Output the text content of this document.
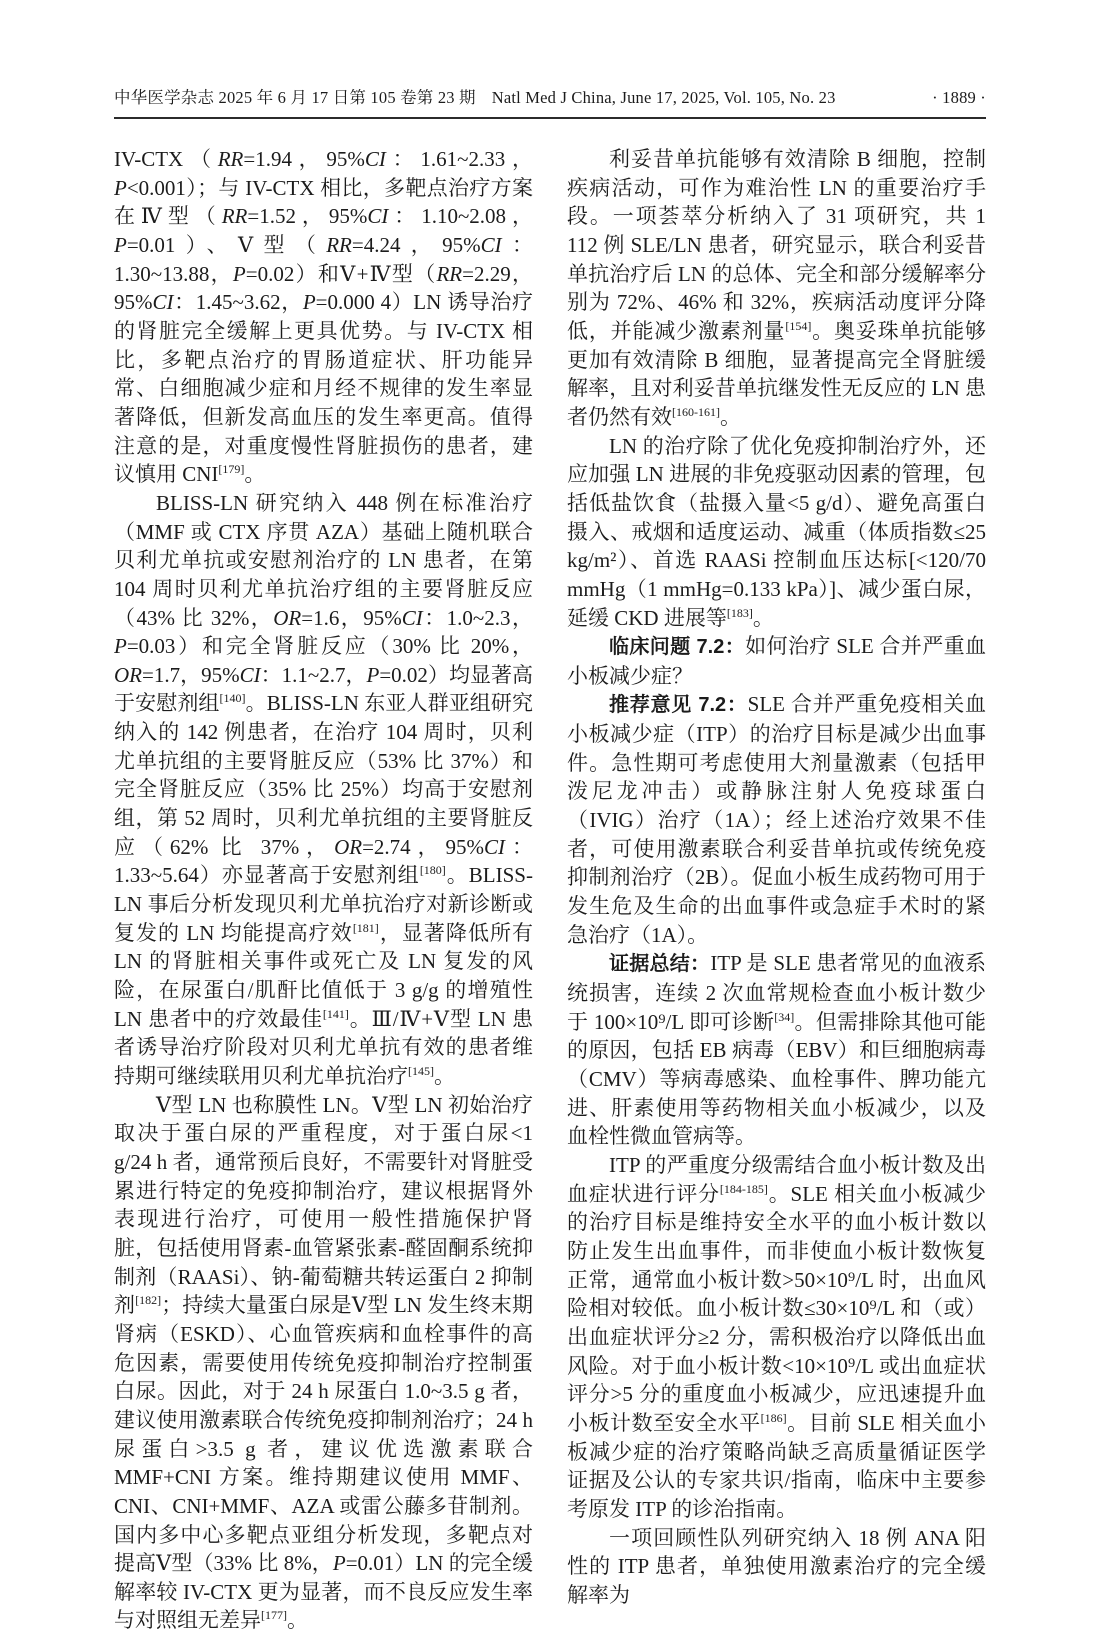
中华医学杂志 2025 年 6 月 17 日第 105 卷第 23 期 Natl Med J China, June 17, 2025, Vol. 105, No. 23	· 1889 ·

IV-CTX（RR=1.94，95%CI：1.61~2.33，P<0.001）；与 IV-CTX 相比，多靶点治疗方案在Ⅳ型（RR=1.52，95%CI：1.10~2.08，P=0.01）、Ⅴ型（RR=4.24，95%CI：1.30~13.88，P=0.02）和Ⅴ+Ⅳ型（RR=2.29，95%CI：1.45~3.62，P=0.000 4）LN 诱导治疗的肾脏完全缓解上更具优势。与 IV-CTX 相比，多靶点治疗的胃肠道症状、肝功能异常、白细胞减少症和月经不规律的发生率显著降低，但新发高血压的发生率更高。值得注意的是，对重度慢性肾脏损伤的患者，建议慎用 CNI[179]。

BLISS-LN 研究纳入 448 例在标准治疗（MMF 或 CTX 序贯 AZA）基础上随机联合贝利尤单抗或安慰剂治疗的 LN 患者，在第 104 周时贝利尤单抗治疗组的主要肾脏反应（43% 比 32%，OR=1.6，95%CI：1.0~2.3，P=0.03）和完全肾脏反应（30% 比 20%，OR=1.7，95%CI：1.1~2.7，P=0.02）均显著高于安慰剂组[140]。BLISS-LN 东亚人群亚组研究纳入的 142 例患者，在治疗 104 周时，贝利尤单抗组的主要肾脏反应（53% 比 37%）和完全肾脏反应（35% 比 25%）均高于安慰剂组，第 52 周时，贝利尤单抗组的主要肾脏反应（62% 比 37%，OR=2.74，95%CI：1.33~5.64）亦显著高于安慰剂组[180]。BLISS-LN 事后分析发现贝利尤单抗治疗对新诊断或复发的 LN 均能提高疗效[181]，显著降低所有 LN 的肾脏相关事件或死亡及 LN 复发的风险，在尿蛋白/肌酐比值低于 3 g/g 的增殖性 LN 患者中的疗效最佳[141]。Ⅲ/Ⅳ+Ⅴ型 LN 患者诱导治疗阶段对贝利尤单抗有效的患者维持期可继续联用贝利尤单抗治疗[145]。

Ⅴ型 LN 也称膜性 LN。Ⅴ型 LN 初始治疗取决于蛋白尿的严重程度，对于蛋白尿<1 g/24 h 者，通常预后良好，不需要针对肾脏受累进行特定的免疫抑制治疗，建议根据肾外表现进行治疗，可使用一般性措施保护肾脏，包括使用肾素-血管紧张素-醛固酮系统抑制剂（RAASi）、钠-葡萄糖共转运蛋白 2 抑制剂[182]；持续大量蛋白尿是Ⅴ型 LN 发生终末期肾病（ESKD）、心血管疾病和血栓事件的高危因素，需要使用传统免疫抑制治疗控制蛋白尿。因此，对于 24 h 尿蛋白 1.0~3.5 g 者，建议使用激素联合传统免疫抑制剂治疗；24 h 尿蛋白>3.5 g 者，建议优选激素联合 MMF+CNI 方案。维持期建议使用 MMF、CNI、CNI+MMF、AZA 或雷公藤多苷制剂。国内多中心多靶点亚组分析发现，多靶点对提高Ⅴ型（33% 比 8%，P=0.01）LN 的完全缓解率较 IV-CTX 更为显著，而不良反应发生率与对照组无差异[177]。

利妥昔单抗能够有效清除 B 细胞，控制疾病活动，可作为难治性 LN 的重要治疗手段。一项荟萃分析纳入了 31 项研究，共 1 112 例 SLE/LN 患者，研究显示，联合利妥昔单抗治疗后 LN 的总体、完全和部分缓解率分别为 72%、46% 和 32%，疾病活动度评分降低，并能减少激素剂量[154]。奥妥珠单抗能够更加有效清除 B 细胞，显著提高完全肾脏缓解率，且对利妥昔单抗继发性无反应的 LN 患者仍然有效[160-161]。

LN 的治疗除了优化免疫抑制治疗外，还应加强 LN 进展的非免疫驱动因素的管理，包括低盐饮食（盐摄入量<5 g/d）、避免高蛋白摄入、戒烟和适度运动、减重（体质指数≤25 kg/m²）、首选 RAASi 控制血压达标[<120/70 mmHg（1 mmHg=0.133 kPa）]、减少蛋白尿，延缓 CKD 进展等[183]。

临床问题 7.2：如何治疗 SLE 合并严重血小板减少症？

推荐意见 7.2：SLE 合并严重免疫相关血小板减少症（ITP）的治疗目标是减少出血事件。急性期可考虑使用大剂量激素（包括甲泼尼龙冲击）或静脉注射人免疫球蛋白（IVIG）治疗（1A）；经上述治疗效果不佳者，可使用激素联合利妥昔单抗或传统免疫抑制剂治疗（2B）。促血小板生成药物可用于发生危及生命的出血事件或急症手术时的紧急治疗（1A）。

证据总结：ITP 是 SLE 患者常见的血液系统损害，连续 2 次血常规检查血小板计数少于 100×10⁹/L 即可诊断[34]。但需排除其他可能的原因，包括 EB 病毒（EBV）和巨细胞病毒（CMV）等病毒感染、血栓事件、脾功能亢进、肝素使用等药物相关血小板减少，以及血栓性微血管病等。

ITP 的严重度分级需结合血小板计数及出血症状进行评分[184-185]。SLE 相关血小板减少的治疗目标是维持安全水平的血小板计数以防止发生出血事件，而非使血小板计数恢复正常，通常血小板计数>50×10⁹/L 时，出血风险相对较低。血小板计数≤30×10⁹/L 和（或）出血症状评分≥2 分，需积极治疗以降低出血风险。对于血小板计数<10×10⁹/L 或出血症状评分>5 分的重度血小板减少，应迅速提升血小板计数至安全水平[186]。目前 SLE 相关血小板减少症的治疗策略尚缺乏高质量循证医学证据及公认的专家共识/指南，临床中主要参考原发 ITP 的诊治指南。

一项回顾性队列研究纳入 18 例 ANA 阳性的 ITP 患者，单独使用激素治疗的完全缓解率为
